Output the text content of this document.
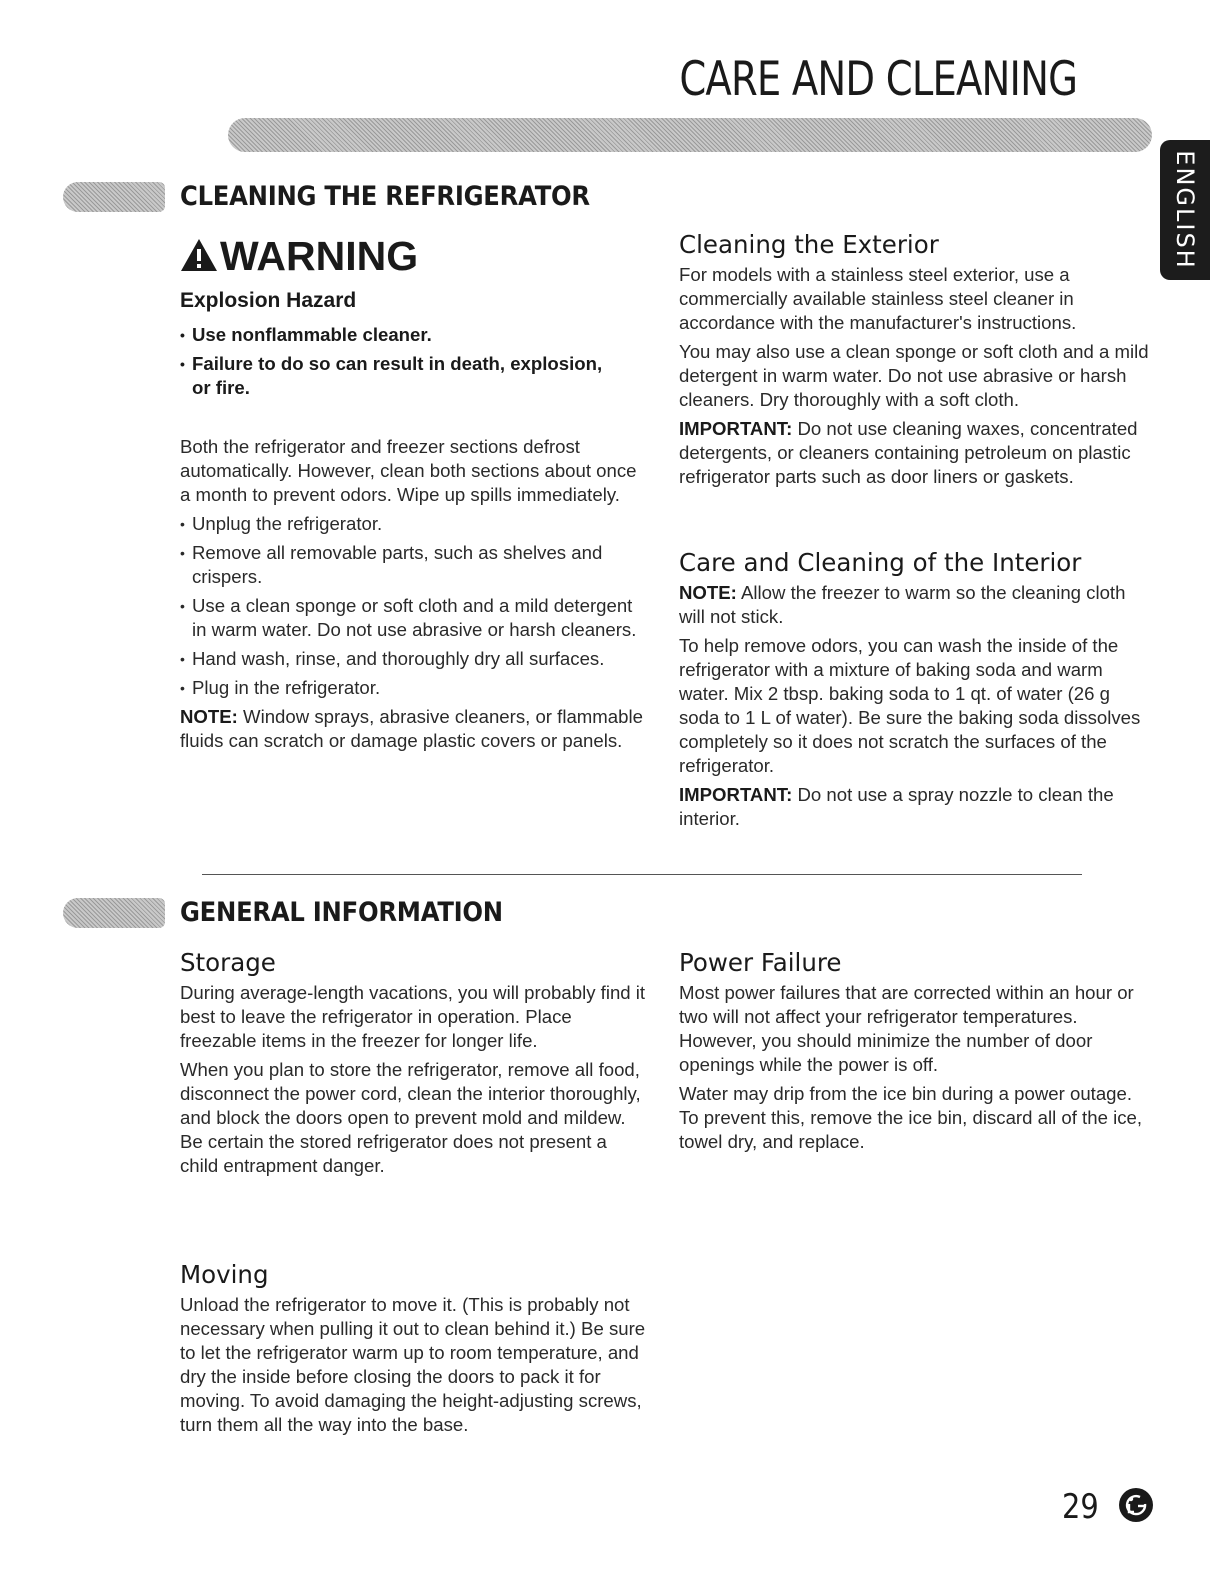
CARE AND CLEANING
ENGLISH
CLEANING THE REFRIGERATOR
WARNING
Explosion Hazard
• Use nonflammable cleaner.
• Failure to do so can result in death, explosion, or fire.

Both the refrigerator and freezer sections defrost automatically. However, clean both sections about once a month to prevent odors. Wipe up spills immediately.

• Unplug the refrigerator.
• Remove all removable parts, such as shelves and crispers.
• Use a clean sponge or soft cloth and a mild detergent in warm water. Do not use abrasive or harsh cleaners.
• Hand wash, rinse, and thoroughly dry all surfaces.
• Plug in the refrigerator.

NOTE: Window sprays, abrasive cleaners, or flammable fluids can scratch or damage plastic covers or panels.

Cleaning the Exterior

For models with a stainless steel exterior, use a commercially available stainless steel cleaner in accordance with the manufacturer's instructions.

You may also use a clean sponge or soft cloth and a mild detergent in warm water. Do not use abrasive or harsh cleaners. Dry thoroughly with a soft cloth.

IMPORTANT: Do not use cleaning waxes, concentrated detergents, or cleaners containing petroleum on plastic refrigerator parts such as door liners or gaskets.

Care and Cleaning of the Interior

NOTE: Allow the freezer to warm so the cleaning cloth will not stick.

To help remove odors, you can wash the inside of the refrigerator with a mixture of baking soda and warm water. Mix 2 tbsp. baking soda to 1 qt. of water (26 g soda to 1 L of water). Be sure the baking soda dissolves completely so it does not scratch the surfaces of the refrigerator.

IMPORTANT: Do not use a spray nozzle to clean the interior.

GENERAL INFORMATION
Storage

During average-length vacations, you will probably find it best to leave the refrigerator in operation. Place freezable items in the freezer for longer life.

When you plan to store the refrigerator, remove all food, disconnect the power cord, clean the interior thoroughly, and block the doors open to prevent mold and mildew. Be certain the stored refrigerator does not present a child entrapment danger.

Moving

Unload the refrigerator to move it. (This is probably not necessary when pulling it out to clean behind it.) Be sure to let the refrigerator warm up to room temperature, and dry the inside before closing the doors to pack it for moving. To avoid damaging the height-adjusting screws, turn them all the way into the base.

Power Failure

Most power failures that are corrected within an hour or two will not affect your refrigerator temperatures. However, you should minimize the number of door openings while the power is off.

Water may drip from the ice bin during a power outage. To prevent this, remove the ice bin, discard all of the ice, towel dry, and replace.

29
